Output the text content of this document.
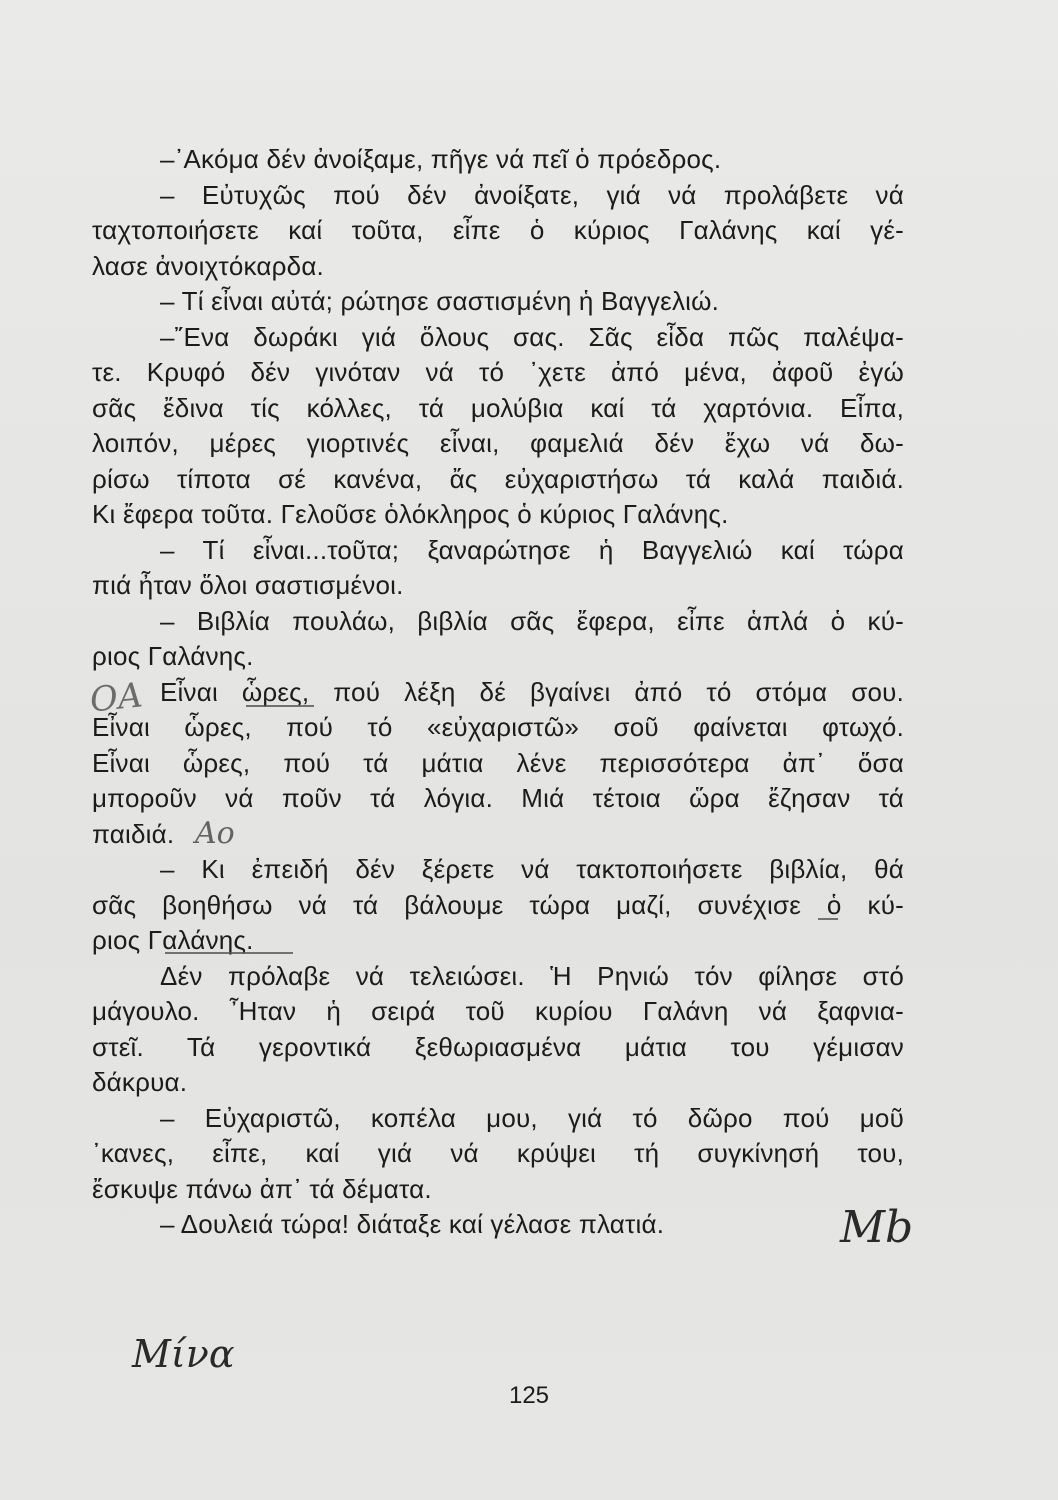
–᾿Ακόμα δέν ἀνοίξαμε, πῆγε νά πεῖ ὁ πρόεδρος.
– Εὐτυχῶς πού δέν ἀνοίξατε, γιά νά προλάβετε νά
ταχτοποιήσετε καί τοῦτα, εἶπε ὁ κύριος Γαλάνης καί γέ-
λασε ἀνοιχτόκαρδα.
– Τί εἶναι αὐτά; ρώτησε σαστισμένη ἡ Βαγγελιώ.
–῎Ενα δωράκι γιά ὅλους σας. Σᾶς εἶδα πῶς παλέψα-
τε. Κρυφό δέν γινόταν νά τό ᾿χετε ἀπό μένα, ἀφοῦ ἐγώ
σᾶς ἔδινα τίς κόλλες, τά μολύβια καί τά χαρτόνια. Εἶπα,
λοιπόν, μέρες γιορτινές εἶναι, φαμελιά δέν ἔχω νά δω-
ρίσω τίποτα σέ κανένα, ἄς εὐχαριστήσω τά καλά παιδιά.
Κι ἔφερα τοῦτα. Γελοῦσε ὁλόκληρος ὁ κύριος Γαλάνης.
– Τί εἶναι...τοῦτα; ξαναρώτησε ἡ Βαγγελιώ καί τώρα
πιά ἦταν ὅλοι σαστισμένοι.
– Βιβλία πουλάω, βιβλία σᾶς ἔφερα, εἶπε ἁπλά ὁ κύ-
ριος Γαλάνης.
Εἶναι ὧρες, πού λέξη δέ βγαίνει ἀπό τό στόμα σου.
Εἶναι ὧρες, πού τό «εὐχαριστῶ» σοῦ φαίνεται φτωχό.
Εἶναι ὧρες, πού τά μάτια λένε περισσότερα ἀπ᾿ ὅσα
μποροῦν νά ποῦν τά λόγια. Μιά τέτοια ὥρα ἔζησαν τά
παιδιά.
– Κι ἐπειδή δέν ξέρετε νά τακτοποιήσετε βιβλία, θά
σᾶς βοηθήσω νά τά βάλουμε τώρα μαζί, συνέχισε ὁ κύ-
ριος Γαλάνης.
Δέν πρόλαβε νά τελειώσει. Ἡ Ρηνιώ τόν φίλησε στό
μάγουλο. ῏Ηταν ἡ σειρά τοῦ κυρίου Γαλάνη νά ξαφνια-
στεῖ. Τά γεροντικά ξεθωριασμένα μάτια του γέμισαν
δάκρυα.
– Εὐχαριστῶ, κοπέλα μου, γιά τό δῶρο πού μοῦ
᾿κανες, εἶπε, καί γιά νά κρύψει τή συγκίνησή του,
ἔσκυψε πάνω ἀπ᾿ τά δέματα.
– Δουλειά τώρα! διάταξε καί γέλασε πλατιά.
ΟΑ
Αο
Μb
Μίνα
125
